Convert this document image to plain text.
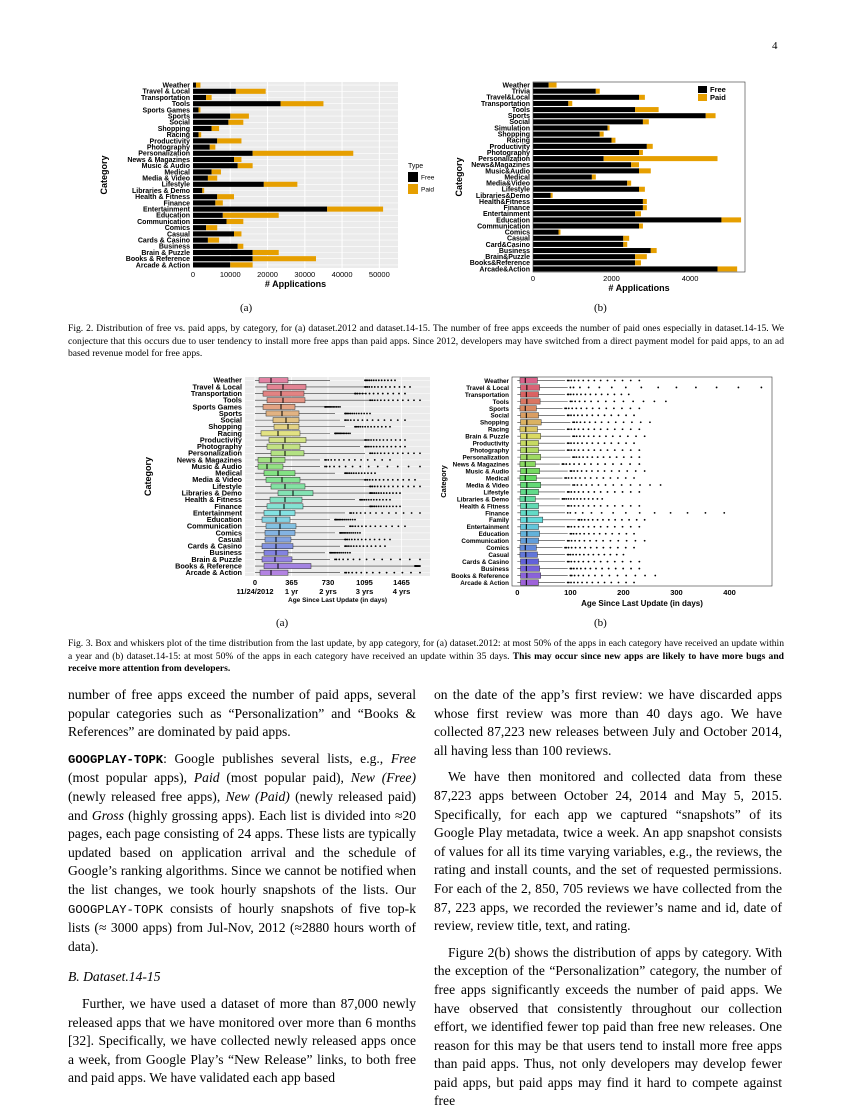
4
0	10000 20000 30000 40000 50000
Weather
Travel & Local
Transportation
Tools
Sports Games
Sports
Social
Shopping
Racing
Productivity
Photography
Personalization
News & Magazines
Music & Audio
Medical
Media & Video
Lifestyle
Libraries & Demo
Health & Fitness
Finance
Entertainment
Education
Communication
Comics
Casual
Cards & Casino
Business
Brain & Puzzle
Books & Reference
Arcade & Action
# Applications
Category	Type
Free
Paid
0	2000	4000
Weather
Trivia
Travel&Local
Transportation
Tools
Sports
Social
Simulation
Shopping
Racing
Productivity
Photography
Personalization
News&Magazines
Music&Audio
Medical
Media&Video
Lifestyle
Libraries&Demo
Health&Fitness
Finance
Entertainment
Education
Communication
Comics
Casual
Card&Casino
Business
Brain&Puzzle
Books&Reference
Arcade&Action
# Applications
Category
Free
Paid
(a)	(b)
Fig. 2. Distribution of free vs. paid apps, by category, for (a) dataset.2012 and dataset.14-15. The number of free apps exceeds the number of paid ones especially in dataset.14-15. We conjecture that this occurs due to user tendency to install more free apps than paid apps. Since 2012, developers may have switched from a direct payment model for paid apps, to an ad based revenue model for free apps.
0
11/24/2012
365
1 yr
730
2 yrs
1095
3 yrs
1465
4 yrs
Weather
Travel & Local
Transportation
Tools
Sports Games
Sports
Social
Shopping
Racing
Productivity
Photography
Personalization
News & Magazines
Music & Audio
Medical
Media & Video
Lifestyle
Libraries & Demo
Health & Fitness
Finance
Entertainment
Education
Communication
Comics
Casual
Cards & Casino
Business
Brain & Puzzle
Books & Reference
Arcade & Action
Age Since Last Update (in days)
Category
0	100	200	300	400
Weather
Travel & Local
Transportation
Tools
Sports
Social
Shopping
Racing
Brain & Puzzle
Productivity
Photography
Personalization
News & Magazines
Music & Audio
Medical
Media & Video
Lifestyle
Libraries & Demo
Health & Fitness
Finance
Family
Entertainment
Education
Communication
Comics
Casual
Cards & Casino
Business
Books & Reference
Arcade & Action
Age Since Last Update (in days)
Category
(a)	(b)
Fig. 3. Box and whiskers plot of the time distribution from the last update, by app category, for (a) dataset.2012: at most 50% of the apps in each category have received an update within a year and (b) dataset.14-15: at most 50% of the apps in each category have received an update within 35 days. This may occur since new apps are likely to have more bugs and receive more attention from developers.

number of free apps exceed the number of paid apps, several popular categories such as “Personalization” and “Books & References” are dominated by paid apps.

GOOGPLAY-TOPK: Google publishes several lists, e.g., Free (most popular apps), Paid (most popular paid), New (Free) (newly released free apps), New (Paid) (newly released paid) and Gross (highly grossing apps). Each list is divided into ≈20 pages, each page consisting of 24 apps. These lists are typically updated based on application arrival and the schedule of Google’s ranking algorithms. Since we cannot be notified when the list changes, we took hourly snapshots of the lists. Our GOOGPLAY-TOPK consists of hourly snapshots of five top-k lists (≈ 3000 apps) from Jul-Nov, 2012 (≈2880 hours worth of data).

B. Dataset.14-15

Further, we have used a dataset of more than 87,000 newly released apps that we have monitored over more than 6 months [32]. Specifically, we have collected newly released apps once a week, from Google Play’s “New Release” links, to both free and paid apps. We have validated each app based

on the date of the app’s first review: we have discarded apps whose first review was more than 40 days ago. We have collected 87,223 new releases between July and October 2014, all having less than 100 reviews.

We have then monitored and collected data from these 87,223 apps between October 24, 2014 and May 5, 2015. Specifically, for each app we captured “snapshots” of its Google Play metadata, twice a week. An app snapshot consists of values for all its time varying variables, e.g., the reviews, the rating and install counts, and the set of requested permissions. For each of the 2, 850, 705 reviews we have collected from the 87, 223 apps, we recorded the reviewer’s name and id, date of review, review title, text, and rating.

Figure 2(b) shows the distribution of apps by category. With the exception of the “Personalization” category, the number of free apps significantly exceeds the number of paid apps. We have observed that consistently throughout our collection effort, we identified fewer top paid than free new releases. One reason for this may be that users tend to install more free apps than paid apps. Thus, not only developers may develop fewer paid apps, but paid apps may find it hard to compete against free
